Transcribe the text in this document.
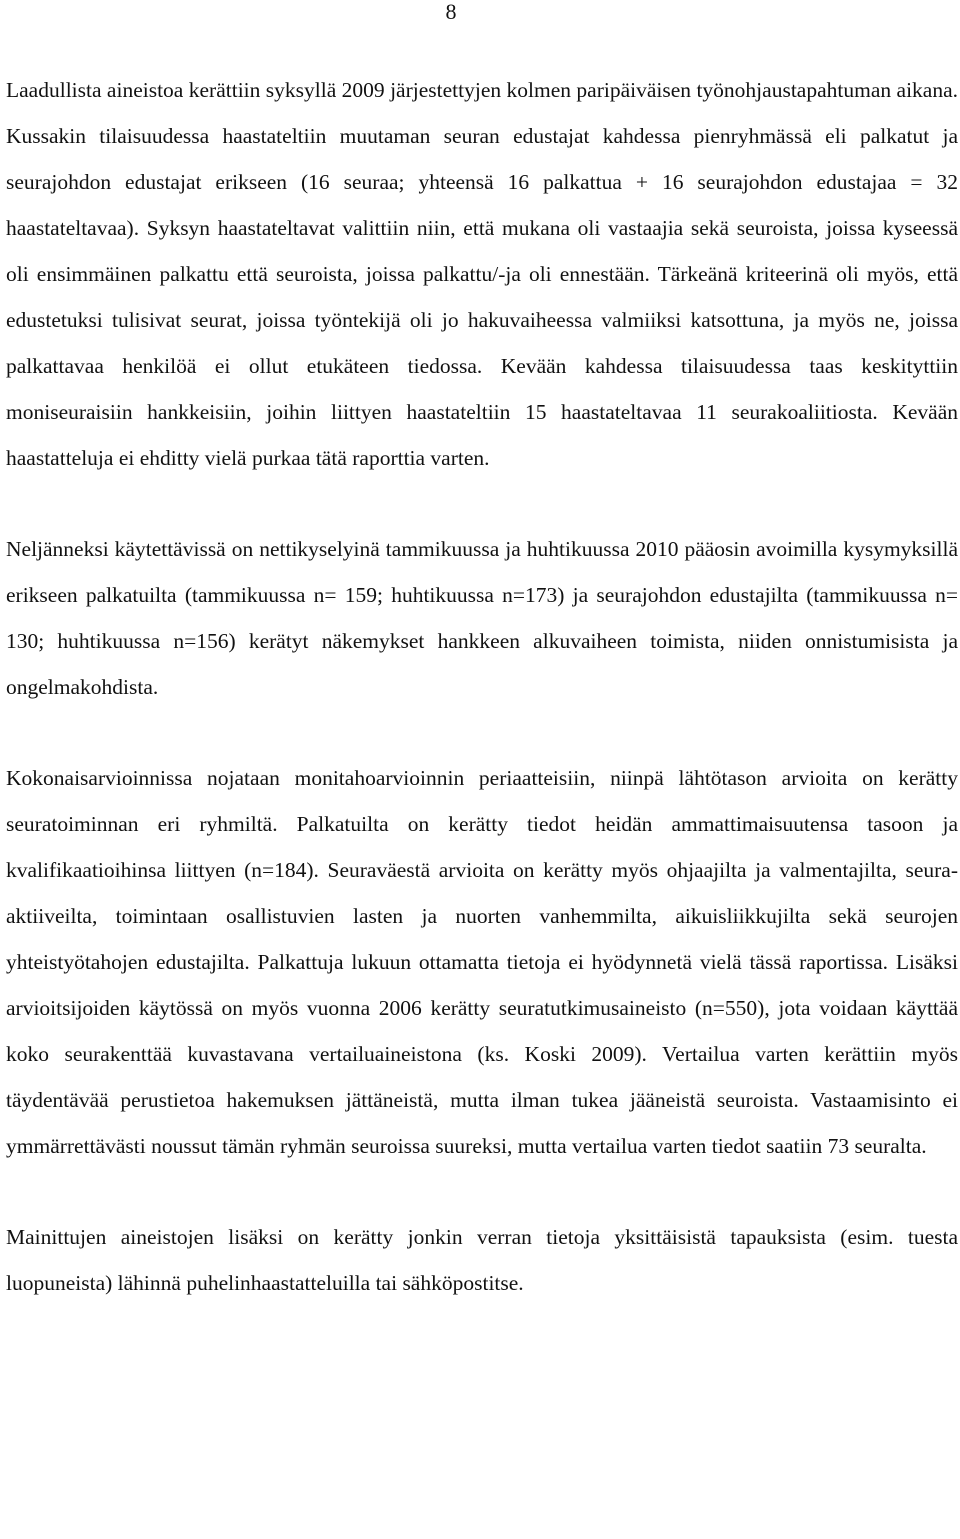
8

Laadullista aineistoa kerättiin syksyllä 2009 järjestettyjen kolmen paripäiväisen työnohjaustapahtuman aikana. Kussakin tilaisuudessa haastateltiin muutaman seuran edustajat kahdessa pienryhmässä eli palkatut ja seurajohdon edustajat erikseen (16 seuraa; yhteensä 16 palkattua + 16 seurajohdon edustajaa = 32 haastateltavaa). Syksyn haastateltavat valittiin niin, että mukana oli vastaajia sekä seuroista, joissa kyseessä oli ensimmäinen palkattu että seuroista, joissa palkattu/-ja oli ennestään. Tärkeänä kriteerinä oli myös, että edustetuksi tulisivat seurat, joissa työntekijä oli jo hakuvaiheessa valmiiksi katsottuna, ja myös ne, joissa palkattavaa henkilöä ei ollut etukäteen tiedossa. Kevään kahdessa tilaisuudessa taas keskityttiin moniseuraisiin hankkeisiin, joihin liittyen haastateltiin 15 haastateltavaa 11 seurakoaliitiosta. Kevään haastatteluja ei ehditty vielä purkaa tätä raporttia varten.

Neljänneksi käytettävissä on nettikyselyinä tammikuussa ja huhtikuussa 2010 pääosin avoimilla kysymyksillä erikseen palkatuilta (tammikuussa n= 159; huhtikuussa n=173) ja seurajohdon edustajilta (tammikuussa n= 130; huhtikuussa n=156) kerätyt näkemykset hankkeen alkuvaiheen toimista, niiden onnistumisista ja ongelmakohdista.

Kokonaisarvioinnissa nojataan monitahoarvioinnin periaatteisiin, niinpä lähtötason arvioita on kerätty seuratoiminnan eri ryhmiltä. Palkatuilta on kerätty tiedot heidän ammattimaisuutensa tasoon ja kvalifikaatioihinsa liittyen (n=184). Seuraväestä arvioita on kerätty myös ohjaajilta ja valmentajilta, seura-aktiiveilta, toimintaan osallistuvien lasten ja nuorten vanhemmilta, aikuisliikkujilta sekä seurojen yhteistyötahojen edustajilta. Palkattuja lukuun ottamatta tietoja ei hyödynnetä vielä tässä raportissa. Lisäksi arvioitsijoiden käytössä on myös vuonna 2006 kerätty seuratutkimusaineisto (n=550), jota voidaan käyttää koko seurakenttää kuvastavana vertailuaineistona (ks. Koski 2009). Vertailua varten kerättiin myös täydentävää perustietoa hakemuksen jättäneistä, mutta ilman tukea jääneistä seuroista. Vastaamisinto ei ymmärrettävästi noussut tämän ryhmän seuroissa suureksi, mutta vertailua varten tiedot saatiin 73 seuralta.

Mainittujen aineistojen lisäksi on kerätty jonkin verran tietoja yksittäisistä tapauksista (esim. tuesta luopuneista) lähinnä puhelinhaastatteluilla tai sähköpostitse.
